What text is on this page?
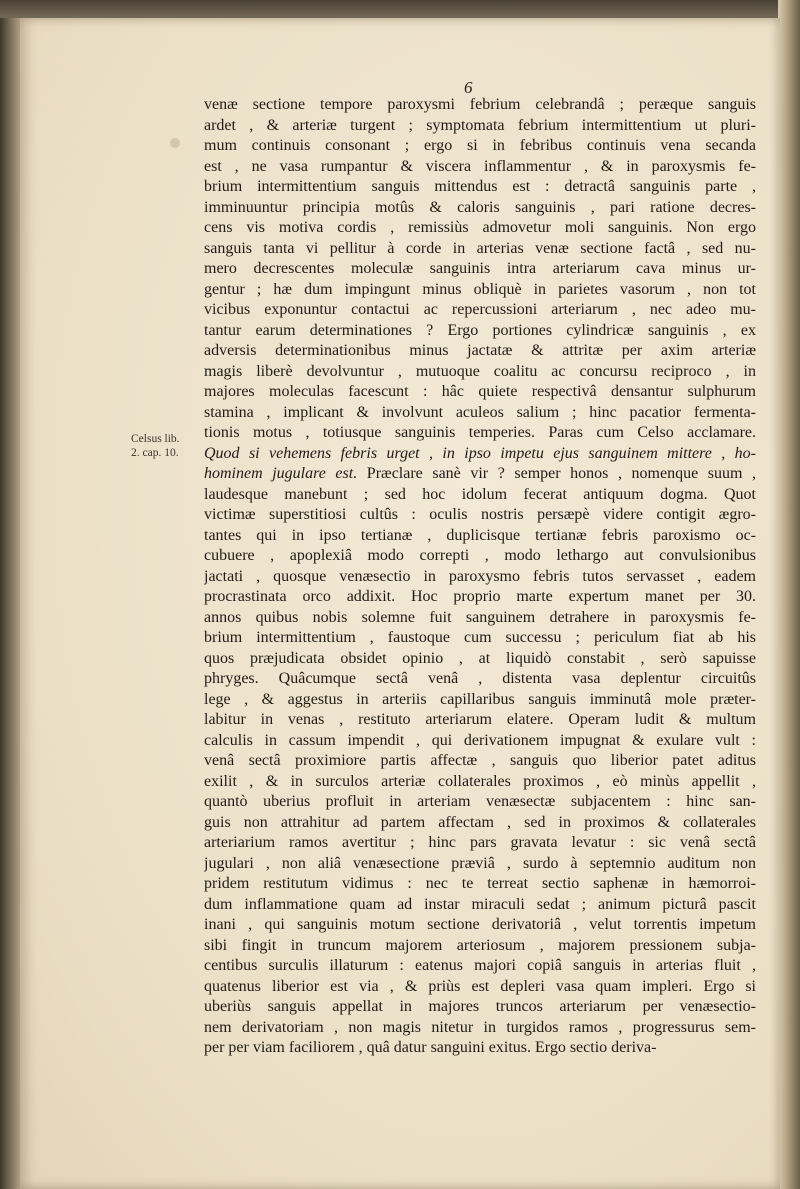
6
Celsus lib.
2. cap. 10.
venæ sectione tempore paroxysmi febrium celebrandâ ; peræque sanguis
ardet , & arteriæ turgent ; symptomata febrium intermittentium ut pluri-
mum continuis consonant ; ergo si in febribus continuis vena secanda
est , ne vasa rumpantur & viscera inflammentur , & in paroxysmis fe-
brium intermittentium sanguis mittendus est : detractâ sanguinis parte ,
imminuuntur principia motûs & caloris sanguinis , pari ratione decres-
cens vis motiva cordis , remissiùs admovetur moli sanguinis. Non ergo
sanguis tanta vi pellitur à corde in arterias venæ sectione factâ , sed nu-
mero decrescentes moleculæ sanguinis intra arteriarum cava minus ur-
gentur ; hæ dum impingunt minus obliquè in parietes vasorum , non tot
vicibus exponuntur contactui ac repercussioni arteriarum , nec adeo mu-
tantur earum determinationes ? Ergo portiones cylindricæ sanguinis , ex
adversis determinationibus minus jactatæ & attritæ per axim arteriæ
magis liberè devolvuntur , mutuoque coalitu ac concursu reciproco , in
majores moleculas facescunt : hâc quiete respectivâ densantur sulphurum
stamina , implicant & involvunt aculeos salium ; hinc pacatior fermenta-
tionis motus , totiusque sanguinis temperies. Paras cum Celso acclamare.
Quod si vehemens febris urget , in ipso impetu ejus sanguinem mittere , ho-
hominem jugulare est. Præclare sanè vir ? semper honos , nomenque suum ,
laudesque manebunt ; sed hoc idolum fecerat antiquum dogma. Quot
victimæ superstitiosi cultûs : oculis nostris persæpè videre contigit ægro-
tantes qui in ipso tertianæ , duplicisque tertianæ febris paroxismo oc-
cubuere , apoplexiâ modo correpti , modo lethargo aut convulsionibus
jactati , quosque venæsectio in paroxysmo febris tutos servasset , eadem
procrastinata orco addixit. Hoc proprio marte expertum manet per 30.
annos quibus nobis solemne fuit sanguinem detrahere in paroxysmis fe-
brium intermittentium , faustoque cum successu ; periculum fiat ab his
quos præjudicata obsidet opinio , at liquidò constabit , serò sapuisse
phryges. Quâcumque sectâ venâ , distenta vasa deplentur circuitûs
lege , & aggestus in arteriis capillaribus sanguis imminutâ mole præter-
labitur in venas , restituto arteriarum elatere. Operam ludit & multum
calculis in cassum impendit , qui derivationem impugnat & exulare vult :
venâ sectâ proximiore partis affectæ , sanguis quo liberior patet aditus
exilit , & in surculos arteriæ collaterales proximos , eò minùs appellit ,
quantò uberius profluit in arteriam venæsectæ subjacentem : hinc san-
guis non attrahitur ad partem affectam , sed in proximos & collaterales
arteriarium ramos avertitur ; hinc pars gravata levatur : sic venâ sectâ
jugulari , non aliâ venæsectione præviâ , surdo à septemnio auditum non
pridem restitutum vidimus : nec te terreat sectio saphenæ in hæmorroi-
dum inflammatione quam ad instar miraculi sedat ; animum picturâ pascit
inani , qui sanguinis motum sectione derivatoriâ , velut torrentis impetum
sibi fingit in truncum majorem arteriosum , majorem pressionem subja-
centibus surculis illaturum : eatenus majori copiâ sanguis in arterias fluit ,
quatenus liberior est via , & priùs est depleri vasa quam impleri. Ergo si
uberiùs sanguis appellat in majores truncos arteriarum per venæsectio-
nem derivatoriam , non magis nitetur in turgidos ramos , progressurus sem-
per per viam faciliorem , quâ datur sanguini exitus. Ergo sectio deriva-
